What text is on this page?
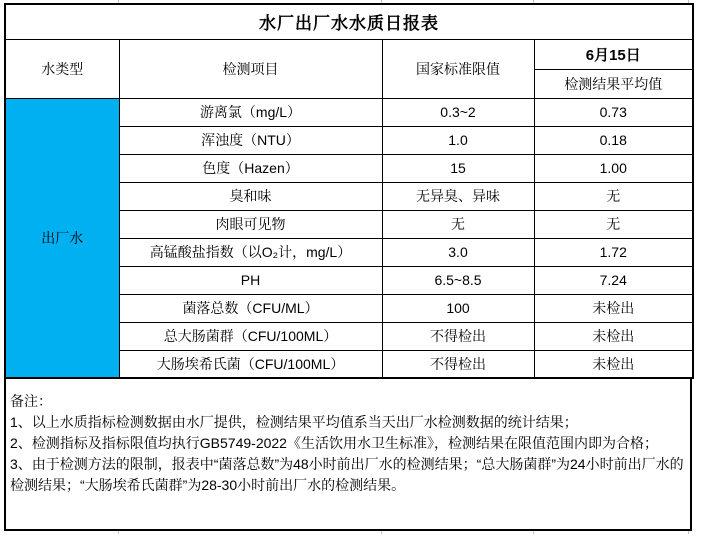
水厂出厂水水质日报表			
水类型	检测项目	国家标准限值	6月15日
			检测结果平均值
出厂水	游离氯（mg/L）	0.3~2	0.73
	浑浊度（NTU）	1.0	0.18
	色度（Hazen）	15	1.00
	臭和味	无异臭、异味	无
	肉眼可见物	无	无
	高锰酸盐指数（以O₂计，mg/L）	3.0	1.72
	PH	6.5~8.5	7.24
	菌落总数（CFU/ML）	100	未检出
	总大肠菌群（CFU/100ML）	不得检出	未检出
	大肠埃希氏菌（CFU/100ML）	不得检出	未检出
备注：
1、以上水质指标检测数据由水厂提供，检测结果平均值系当天出厂水检测数据的统计结果；
2、检测指标及指标限值均执行GB5749-2022《生活饮用水卫生标准》，检测结果在限值范围内即为合格；
3、由于检测方法的限制，报表中“菌落总数”为48小时前出厂水的检测结果；“总大肠菌群”为24小时前出厂水的检测结果；“大肠埃希氏菌群”为28-30小时前出厂水的检测结果。
